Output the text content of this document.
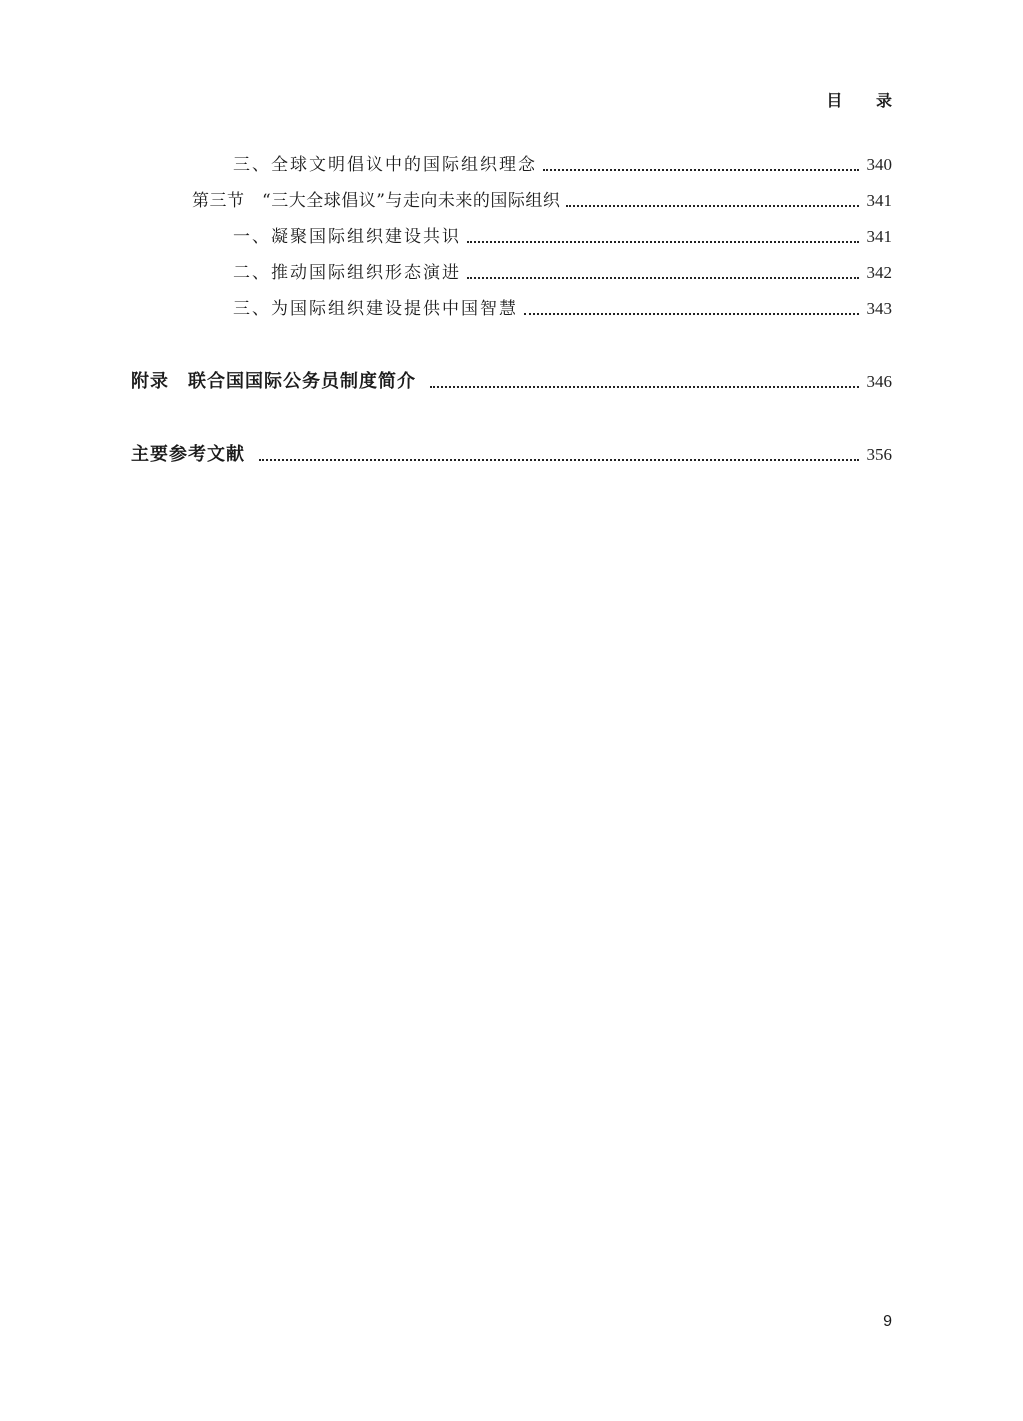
目 录
三、全球文明倡议中的国际组织理念	340
第三节　“三大全球倡议”与走向未来的国际组织	341
一、凝聚国际组织建设共识	341
二、推动国际组织形态演进	342
三、为国际组织建设提供中国智慧	343
附录　联合国国际公务员制度简介	346
主要参考文献	356
9
